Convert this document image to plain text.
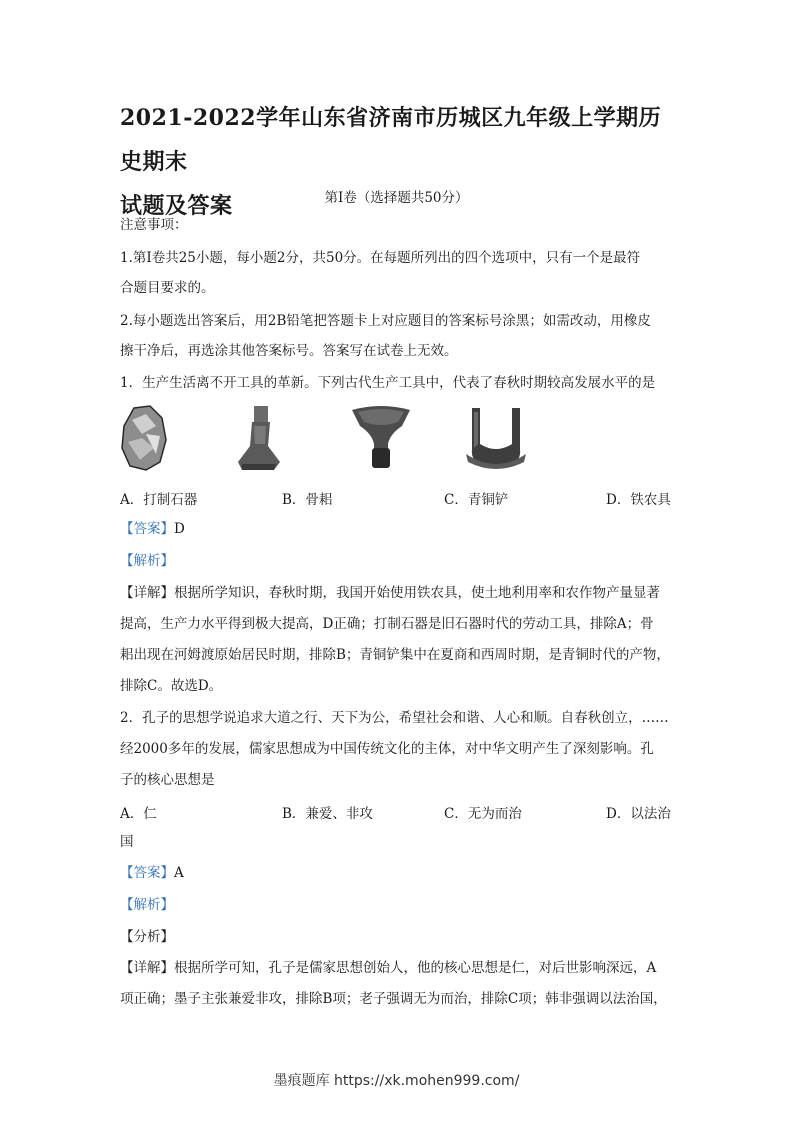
2021-2022学年山东省济南市历城区九年级上学期历史期末
试题及答案	第Ⅰ卷（选择题共50分）
注意事项：
1.第Ⅰ卷共25小题，每小题2分，共50分。在每题所列出的四个选项中，只有一个是最符
合题目要求的。
2.每小题选出答案后，用2B铅笔把答题卡上对应题目的答案标号涂黑；如需改动，用橡皮
擦干净后，再选涂其他答案标号。答案写在试卷上无效。
1．生产生活离不开工具的革新。下列古代生产工具中，代表了春秋时期较高发展水平的是
A．打制石器	B．骨耜	C．青铜铲	D．铁农具
【答案】D
【解析】
【详解】根据所学知识，春秋时期，我国开始使用铁农具，使土地利用率和农作物产量显著
提高，生产力水平得到极大提高，D正确；打制石器是旧石器时代的劳动工具，排除A；骨
耜出现在河姆渡原始居民时期，排除B；青铜铲集中在夏商和西周时期，是青铜时代的产物，
排除C。故选D。
2．孔子的思想学说追求大道之行、天下为公，希望社会和谐、人心和顺。自春秋创立，……
经2000多年的发展，儒家思想成为中国传统文化的主体，对中华文明产生了深刻影响。孔
子的核心思想是
A．仁	B．兼爱、非攻	C．无为而治	D．以法治
国
【答案】A
【解析】
【分析】
【详解】根据所学可知，孔子是儒家思想创始人，他的核心思想是仁，对后世影响深远，A
项正确；墨子主张兼爱非攻，排除B项；老子强调无为而治，排除C项；韩非强调以法治国，
墨痕题库 https://xk.mohen999.com/
